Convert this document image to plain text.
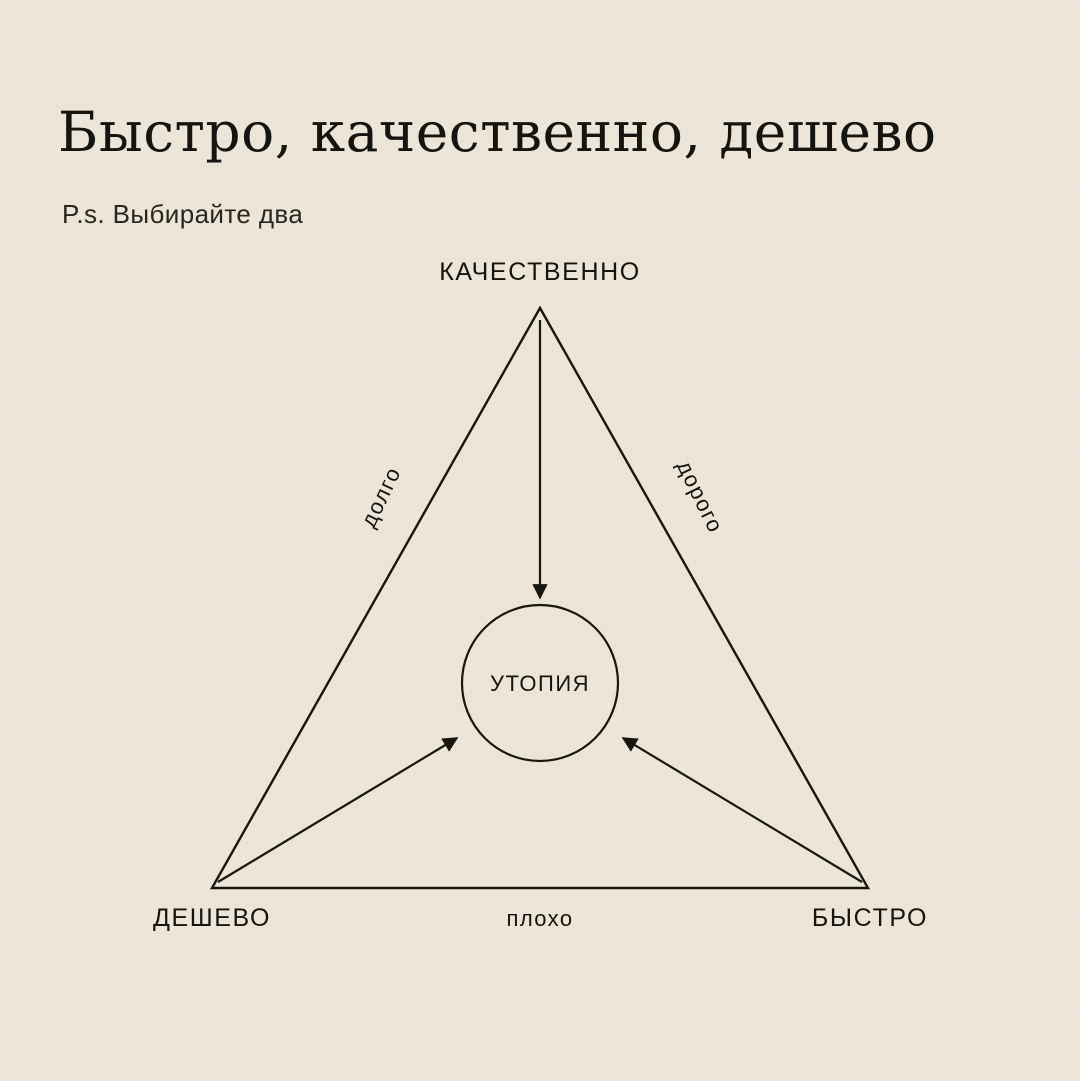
Быстро, качественно, дешево
P.s. Выбирайте два
КАЧЕСТВЕННО
ДЕШЕВО	БЫСТРО
долго	дорого
плохо
УТОПИЯ
